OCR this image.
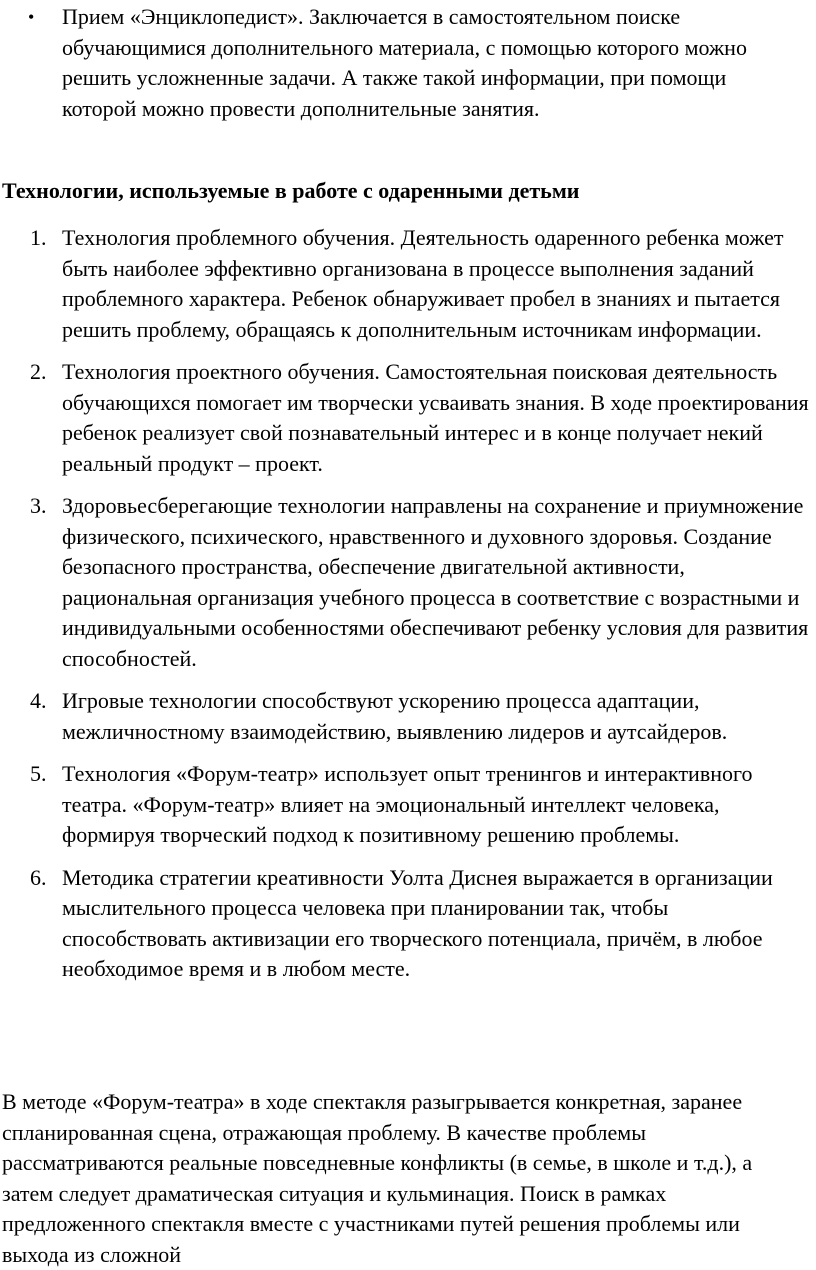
• Прием «Энциклопедист». Заключается в самостоятельном поиске обучающимися дополнительного материала, с помощью которого можно решить усложненные задачи. А также такой информации, при помощи которой можно провести дополнительные занятия.
Технологии, используемые в работе с одаренными детьми
1. Технология проблемного обучения. Деятельность одаренного ребенка может быть наиболее эффективно организована в процессе выполнения заданий проблемного характера. Ребенок обнаруживает пробел в знаниях и пытается решить проблему, обращаясь к дополнительным источникам информации.
2. Технология проектного обучения. Самостоятельная поисковая деятельность обучающихся помогает им творчески усваивать знания. В ходе проектирования ребенок реализует свой познавательный интерес и в конце получает некий реальный продукт – проект.
3. Здоровьесберегающие технологии направлены на сохранение и приумножение физического, психического, нравственного и духовного здоровья. Создание безопасного пространства, обеспечение двигательной активности, рациональная организация учебного процесса в соответствие с возрастными и индивидуальными особенностями обеспечивают ребенку условия для развития способностей.
4. Игровые технологии способствуют ускорению процесса адаптации, межличностному взаимодействию, выявлению лидеров и аутсайдеров.
5. Технология «Форум-театр» использует опыт тренингов и интерактивного театра. «Форум-театр» влияет на эмоциональный интеллект человека, формируя творческий подход к позитивному решению проблемы.
6. Методика стратегии креативности Уолта Диснея выражается в организации мыслительного процесса человека при планировании так, чтобы способствовать активизации его творческого потенциала, причём, в любое необходимое время и в любом месте.

В методе «Форум-театра» в ходе спектакля разыгрывается конкретная, заранее спланированная сцена, отражающая проблему. В качестве проблемы рассматриваются реальные повседневные конфликты (в семье, в школе и т.д.), а затем следует драматическая ситуация и кульминация. Поиск в рамках предложенного спектакля вместе с участниками путей решения проблемы или выхода из сложной
